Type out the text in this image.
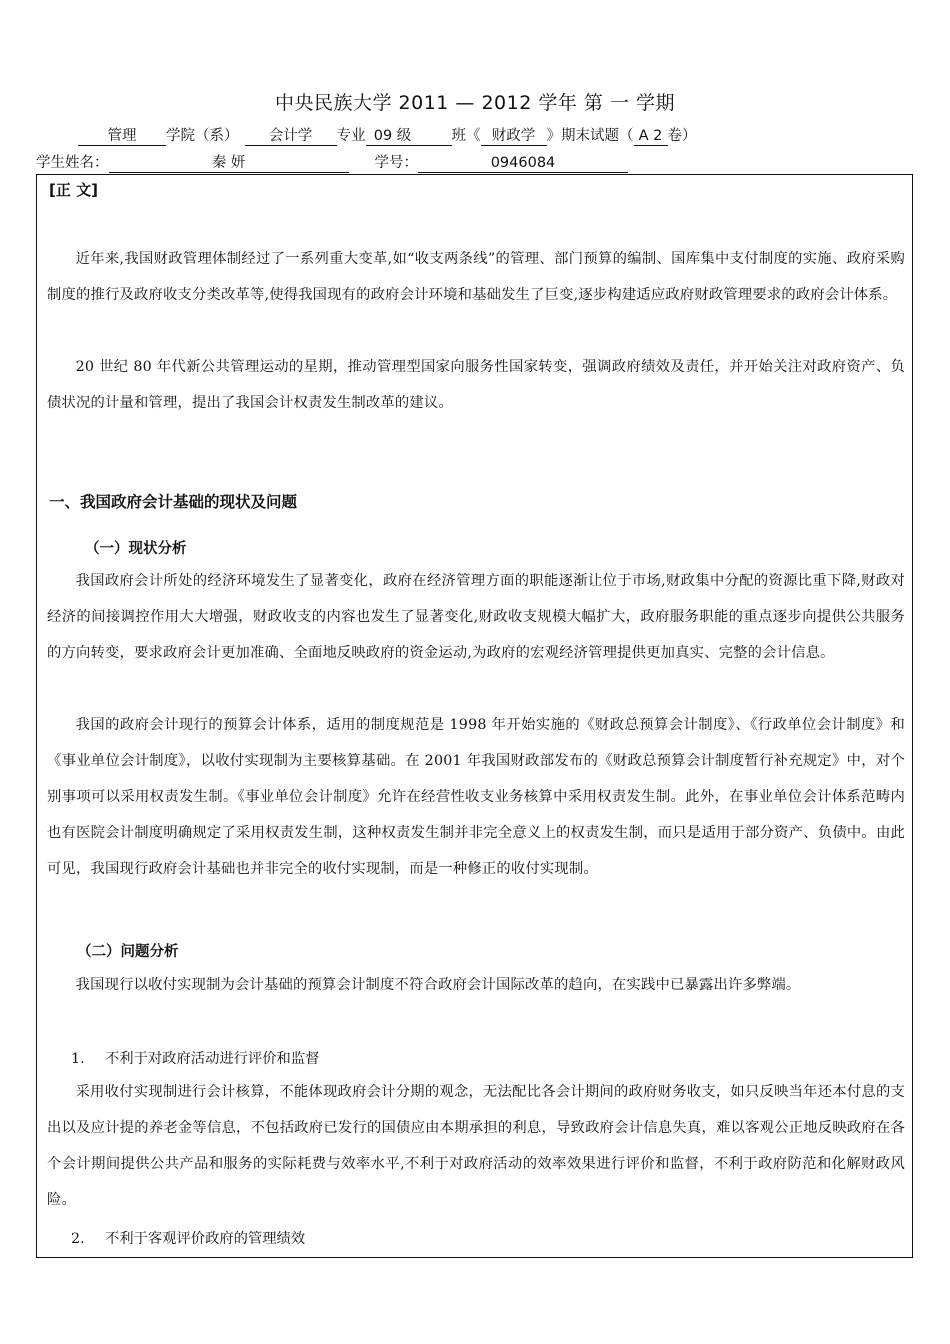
中央民族大学 2011 — 2012 学年 第 一 学期
管理 学院（系） 会计学 专业 09 级	班《 财政学 》期末试题（ A 2 卷）
学生姓名：	秦 妍	学号：	0946084
[正 文]

近年来,我国财政管理体制经过了一系列重大变革,如“收支两条线”的管理、部门预算的编制、国库集中支付制度的实施、政府采购制度的推行及政府收支分类改革等,使得我国现有的政府会计环境和基础发生了巨变,逐步构建适应政府财政管理要求的政府会计体系。

20 世纪 80 年代新公共管理运动的星期，推动管理型国家向服务性国家转变，强调政府绩效及责任，并开始关注对政府资产、负债状况的计量和管理，提出了我国会计权责发生制改革的建议。

一、我国政府会计基础的现状及问题

（一）现状分析

我国政府会计所处的经济环境发生了显著变化，政府在经济管理方面的职能逐渐让位于市场,财政集中分配的资源比重下降,财政对经济的间接调控作用大大增强，财政收支的内容也发生了显著变化,财政收支规模大幅扩大，政府服务职能的重点逐步向提供公共服务的方向转变，要求政府会计更加准确、全面地反映政府的资金运动,为政府的宏观经济管理提供更加真实、完整的会计信息。

我国的政府会计现行的预算会计体系，适用的制度规范是 1998 年开始实施的《财政总预算会计制度》、《行政单位会计制度》和《事业单位会计制度》，以收付实现制为主要核算基础。在 2001 年我国财政部发布的《财政总预算会计制度暂行补充规定》中，对个别事项可以采用权责发生制。《事业单位会计制度》允许在经营性收支业务核算中采用权责发生制。此外，在事业单位会计体系范畴内也有医院会计制度明确规定了采用权责发生制，这种权责发生制并非完全意义上的权责发生制，而只是适用于部分资产、负债中。由此可见，我国现行政府会计基础也并非完全的收付实现制，而是一种修正的收付实现制。

（二）问题分析

我国现行以收付实现制为会计基础的预算会计制度不符合政府会计国际改革的趋向，在实践中已暴露出许多弊端。

1. 不利于对政府活动进行评价和监督

采用收付实现制进行会计核算，不能体现政府会计分期的观念，无法配比各会计期间的政府财务收支，如只反映当年还本付息的支出以及应计提的养老金等信息，不包括政府已发行的国债应由本期承担的利息，导致政府会计信息失真，难以客观公正地反映政府在各个会计期间提供公共产品和服务的实际耗费与效率水平,不利于对政府活动的效率效果进行评价和监督，不利于政府防范和化解财政风险。

2. 不利于客观评价政府的管理绩效
